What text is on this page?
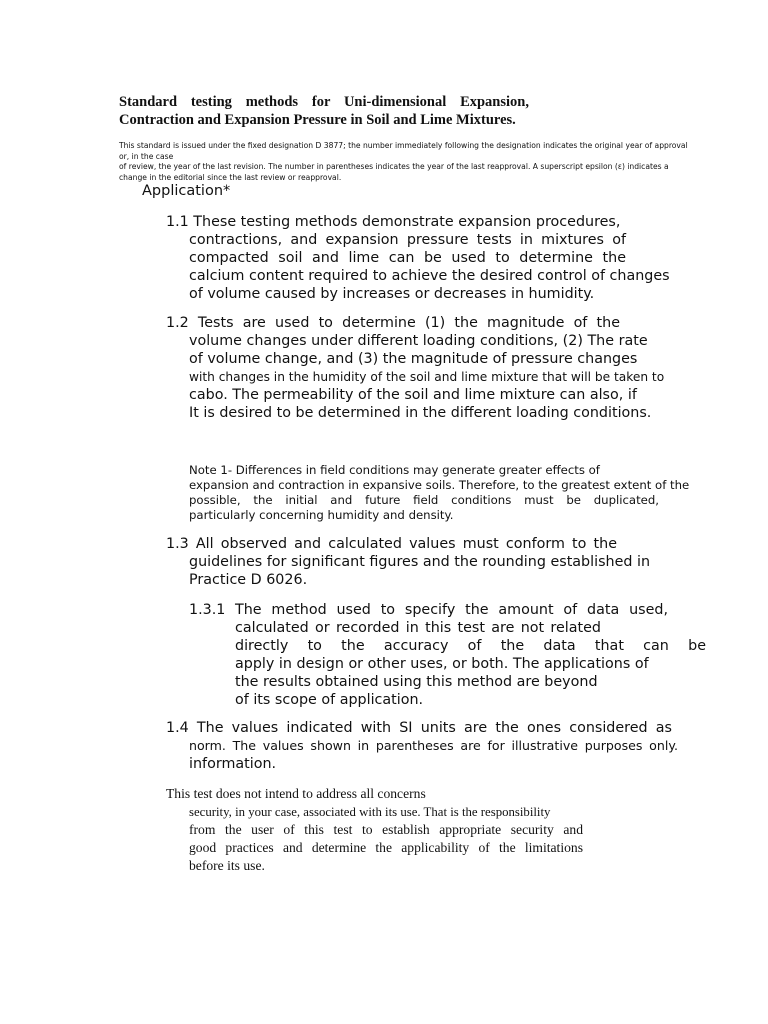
Standard testing methods for Uni-dimensional Expansion,
Contraction and Expansion Pressure in Soil and Lime Mixtures.
This standard is issued under the fixed designation D 3877; the number immediately following the designation indicates the original year of approval or, in the case
of review, the year of the last revision. The number in parentheses indicates the year of the last reapproval. A superscript epsilon (ε) indicates a
change in the editorial since the last review or reapproval.
Application*
1.1 These testing methods demonstrate expansion procedures,
contractions, and expansion pressure tests in mixtures of
compacted soil and lime can be used to determine the
calcium content required to achieve the desired control of changes
of volume caused by increases or decreases in humidity.
1.2 Tests are used to determine (1) the magnitude of the
volume changes under different loading conditions, (2) The rate
of volume change, and (3) the magnitude of pressure changes
with changes in the humidity of the soil and lime mixture that will be taken to
cabo. The permeability of the soil and lime mixture can also, if
It is desired to be determined in the different loading conditions.
Note 1- Differences in field conditions may generate greater effects of
expansion and contraction in expansive soils. Therefore, to the greatest extent of the
possible, the initial and future field conditions must be duplicated,
particularly concerning humidity and density.
1.3 All observed and calculated values must conform to the
guidelines for significant figures and the rounding established in
Practice D 6026.
1.3.1 The method used to specify the amount of data used,
calculated or recorded in this test are not related
directly to the accuracy of the data that can be
apply in design or other uses, or both. The applications of
the results obtained using this method are beyond
of its scope of application.
1.4 The values indicated with SI units are the ones considered as
norm. The values shown in parentheses are for illustrative purposes only.
information.
This test does not intend to address all concerns
security, in your case, associated with its use. That is the responsibility
from the user of this test to establish appropriate security and
good practices and determine the applicability of the limitations
before its use.
